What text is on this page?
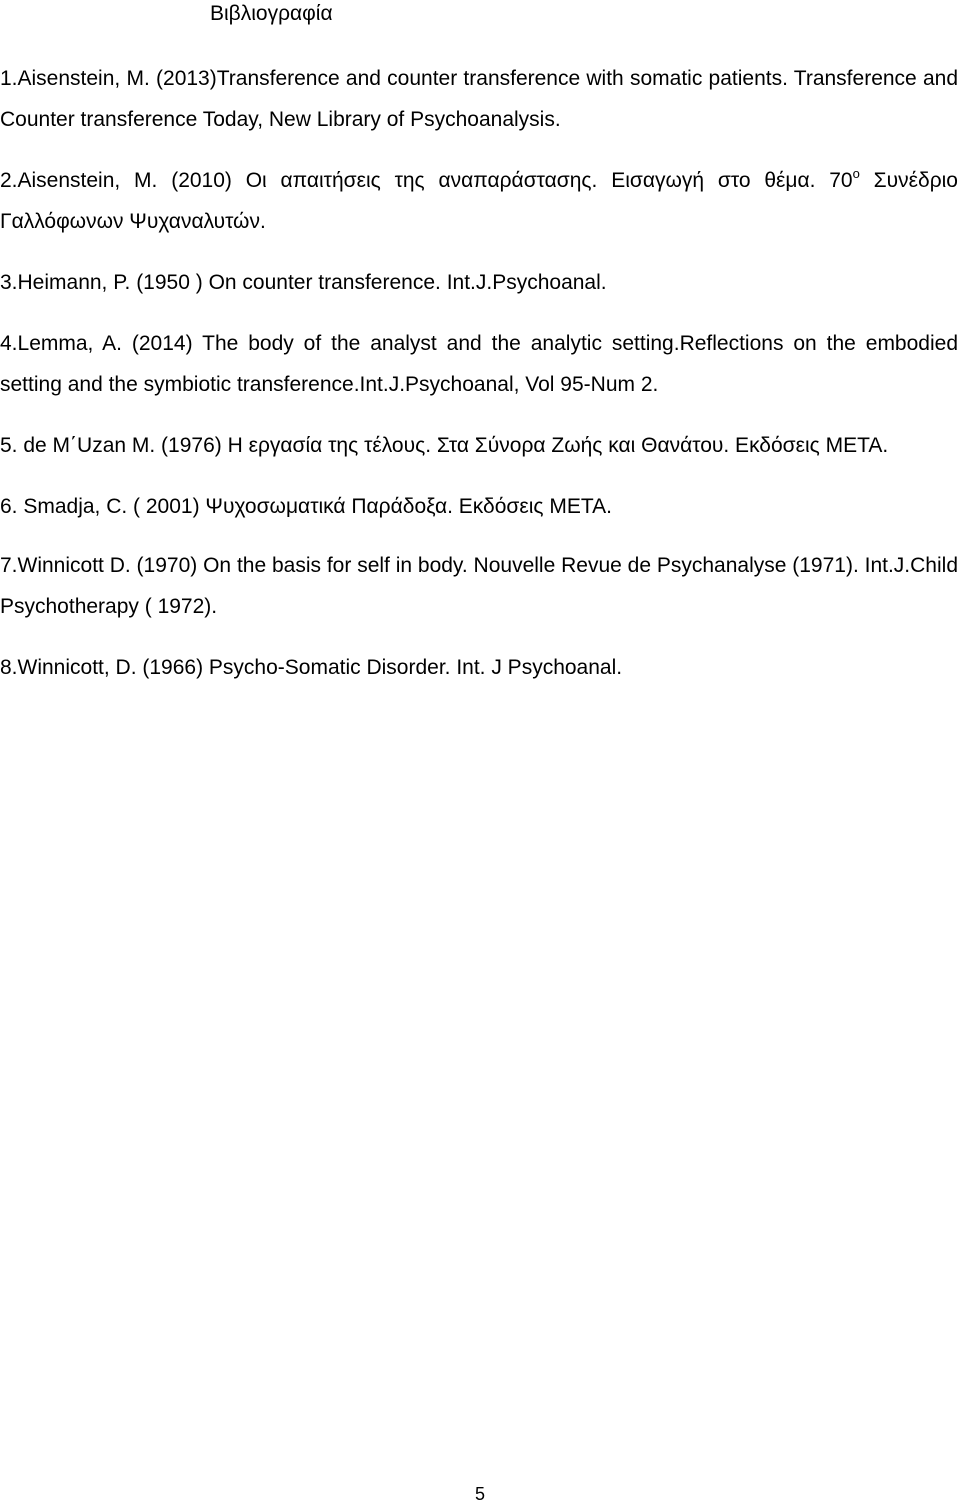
Βιβλιογραφία

1.Aisenstein, M. (2013)Transference and counter transference with somatic patients. Transference and Counter transference Today, New Library of Psychoanalysis.

2.Aisenstein, M. (2010) Οι απαιτήσεις της αναπαράστασης. Εισαγωγή στο θέμα. $70^o$ Συνέδριο Γαλλόφωνων Ψυχαναλυτών.

3.Heimann, P. (1950 ) On counter transference. Int.J.Psychoanal.

4.Lemma, A. (2014) The body of the analyst and the analytic setting.Reflections on the embodied setting and the symbiotic transference.Int.J.Psychoanal, Vol 95-Num 2.

5. de M΄Uzan M. (1976) Η εργασία της τέλους. Στα Σύνορα Ζωής και Θανάτου. Εκδόσεις ΜΕΤΑ.

6. Smadja, C. ( 2001) Ψυχοσωματικά Παράδοξα. Εκδόσεις ΜΕΤΑ.

7.Winnicott D. (1970) On the basis for self in body. Nouvelle Revue de Psychanalyse (1971). Int.J.Child Psychotherapy ( 1972).

8.Winnicott, D. (1966) Psycho-Somatic Disorder. Int. J Psychoanal.

5
